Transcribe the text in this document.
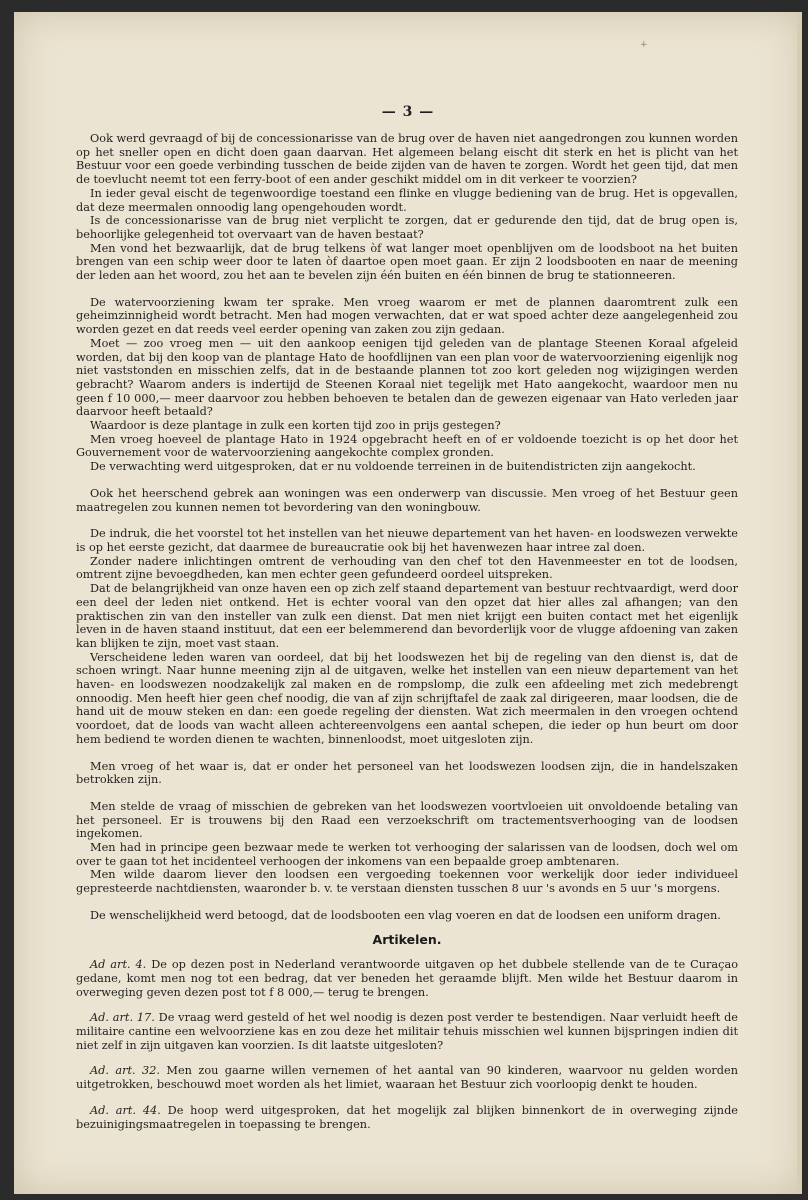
+
— 3 —

Ook werd gevraagd of bij de concessionarisse van de brug over de haven niet aangedrongen zou kunnen worden op het sneller open en dicht doen gaan daarvan. Het algemeen belang eischt dit sterk en het is plicht van het Bestuur voor een goede verbinding tusschen de beide zijden van de haven te zorgen. Wordt het geen tijd, dat men de toevlucht neemt tot een ferry-boot of een ander geschikt middel om in dit verkeer te voorzien?

In ieder geval eischt de tegenwoordige toestand een flinke en vlugge bediening van de brug. Het is opgevallen, dat deze meermalen onnoodig lang opengehouden wordt.

Is de concessionarisse van de brug niet verplicht te zorgen, dat er gedurende den tijd, dat de brug open is, behoorlijke gelegenheid tot overvaart van de haven bestaat?

Men vond het bezwaarlijk, dat de brug telkens òf wat langer moet openblijven om de loodsboot na het buiten brengen van een schip weer door te laten òf daartoe open moet gaan. Er zijn 2 loodsbooten en naar de meening der leden aan het woord, zou het aan te bevelen zijn één buiten en één binnen de brug te stationneeren.

De watervoorziening kwam ter sprake. Men vroeg waarom er met de plannen daaromtrent zulk een geheimzinnigheid wordt betracht. Men had mogen verwachten, dat er wat spoed achter deze aangelegenheid zou worden gezet en dat reeds veel eerder opening van zaken zou zijn gedaan.

Moet — zoo vroeg men — uit den aankoop eenigen tijd geleden van de plantage Steenen Koraal afgeleid worden, dat bij den koop van de plantage Hato de hoofdlijnen van een plan voor de watervoorziening eigenlijk nog niet vaststonden en misschien zelfs, dat in de bestaande plannen tot zoo kort geleden nog wijzigingen werden gebracht? Waarom anders is indertijd de Steenen Koraal niet tegelijk met Hato aangekocht, waardoor men nu geen f 10 000,— meer daarvoor zou hebben behoeven te betalen dan de gewezen eigenaar van Hato verleden jaar daarvoor heeft betaald?

Waardoor is deze plantage in zulk een korten tijd zoo in prijs gestegen?

Men vroeg hoeveel de plantage Hato in 1924 opgebracht heeft en of er voldoende toezicht is op het door het Gouvernement voor de watervoorziening aangekochte complex gronden.

De verwachting werd uitgesproken, dat er nu voldoende terreinen in de buitendistricten zijn aangekocht.

Ook het heerschend gebrek aan woningen was een onderwerp van discussie. Men vroeg of het Bestuur geen maatregelen zou kunnen nemen tot bevordering van den woningbouw.

De indruk, die het voorstel tot het instellen van het nieuwe departement van het haven- en loodswezen verwekte is op het eerste gezicht, dat daarmee de bureaucratie ook bij het havenwezen haar intree zal doen.

Zonder nadere inlichtingen omtrent de verhouding van den chef tot den Havenmeester en tot de loodsen, omtrent zijne bevoegdheden, kan men echter geen gefundeerd oordeel uitspreken.

Dat de belangrijkheid van onze haven een op zich zelf staand departement van bestuur rechtvaardigt, werd door een deel der leden niet ontkend. Het is echter vooral van den opzet dat hier alles zal afhangen; van den praktischen zin van den insteller van zulk een dienst. Dat men niet krijgt een buiten contact met het eigenlijk leven in de haven staand instituut, dat een eer belemmerend dan bevorderlijk voor de vlugge afdoening van zaken kan blijken te zijn, moet vast staan.

Verscheidene leden waren van oordeel, dat bij het loodswezen het bij de regeling van den dienst is, dat de schoen wringt. Naar hunne meening zijn al de uitgaven, welke het instellen van een nieuw departement van het haven- en loodswezen noodzakelijk zal maken en de rompslomp, die zulk een afdeeling met zich medebrengt onnoodig. Men heeft hier geen chef noodig, die van af zijn schrijftafel de zaak zal dirigeeren, maar loodsen, die de hand uit de mouw steken en dan: een goede regeling der diensten. Wat zich meermalen in den vroegen ochtend voordoet, dat de loods van wacht alleen achtereenvolgens een aantal schepen, die ieder op hun beurt om door hem bediend te worden dienen te wachten, binnenloodst, moet uitgesloten zijn.

Men vroeg of het waar is, dat er onder het personeel van het loodswezen loodsen zijn, die in handelszaken betrokken zijn.

Men stelde de vraag of misschien de gebreken van het loodswezen voortvloeien uit onvoldoende betaling van het personeel. Er is trouwens bij den Raad een verzoekschrift om tractementsverhooging van de loodsen ingekomen.

Men had in principe geen bezwaar mede te werken tot verhooging der salarissen van de loodsen, doch wel om over te gaan tot het incidenteel verhoogen der inkomens van een bepaalde groep ambtenaren.

Men wilde daarom liever den loodsen een vergoeding toekennen voor werkelijk door ieder individueel gepresteerde nachtdiensten, waaronder b. v. te verstaan diensten tusschen 8 uur 's avonds en 5 uur 's morgens.

De wenschelijkheid werd betoogd, dat de loodsbooten een vlag voeren en dat de loodsen een uniform dragen.

Artikelen.

Ad art. 4. De op dezen post in Nederland verantwoorde uitgaven op het dubbele stellende van de te Curaçao gedane, komt men nog tot een bedrag, dat ver beneden het geraamde blijft. Men wilde het Bestuur daarom in overweging geven dezen post tot f 8 000,— terug te brengen.

Ad. art. 17. De vraag werd gesteld of het wel noodig is dezen post verder te bestendigen. Naar verluidt heeft de militaire cantine een welvoorziene kas en zou deze het militair tehuis misschien wel kunnen bijspringen indien dit niet zelf in zijn uitgaven kan voorzien. Is dit laatste uitgesloten?

Ad. art. 32. Men zou gaarne willen vernemen of het aantal van 90 kinderen, waarvoor nu gelden worden uitgetrokken, beschouwd moet worden als het limiet, waaraan het Bestuur zich voorloopig denkt te houden.

Ad. art. 44. De hoop werd uitgesproken, dat het mogelijk zal blijken binnenkort de in overweging zijnde bezuinigingsmaatregelen in toepassing te brengen.
